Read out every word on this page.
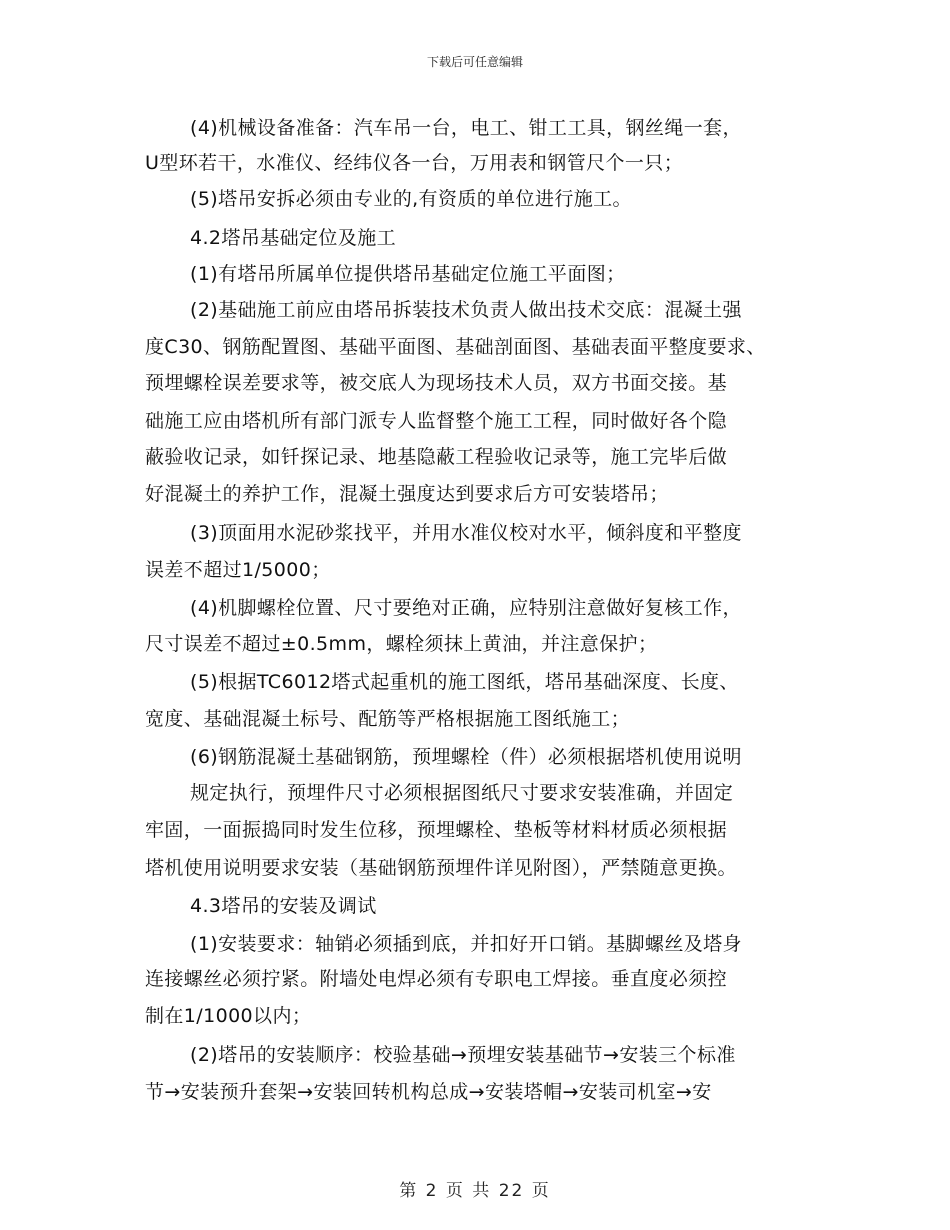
下载后可任意编辑
(4)机械设备准备：汽车吊一台，电工、钳工工具，钢丝绳一套，
U型环若干，水准仪、经纬仪各一台，万用表和钢管尺个一只；
(5)塔吊安拆必须由专业的,有资质的单位进行施工。
4.2塔吊基础定位及施工
(1)有塔吊所属单位提供塔吊基础定位施工平面图；
(2)基础施工前应由塔吊拆装技术负责人做出技术交底：混凝土强
度C30、钢筋配置图、基础平面图、基础剖面图、基础表面平整度要求、
预埋螺栓误差要求等，被交底人为现场技术人员，双方书面交接。基
础施工应由塔机所有部门派专人监督整个施工工程，同时做好各个隐
蔽验收记录，如钎探记录、地基隐蔽工程验收记录等，施工完毕后做
好混凝土的养护工作，混凝土强度达到要求后方可安装塔吊；
(3)顶面用水泥砂浆找平，并用水准仪校对水平，倾斜度和平整度
误差不超过1/5000；
(4)机脚螺栓位置、尺寸要绝对正确，应特别注意做好复核工作，
尺寸误差不超过±0.5mm，螺栓须抹上黄油，并注意保护；
(5)根据TC6012塔式起重机的施工图纸，塔吊基础深度、长度、
宽度、基础混凝土标号、配筋等严格根据施工图纸施工；
(6)钢筋混凝土基础钢筋，预埋螺栓（件）必须根据塔机使用说明
规定执行，预埋件尺寸必须根据图纸尺寸要求安装准确，并固定
牢固，一面振捣同时发生位移，预埋螺栓、垫板等材料材质必须根据
塔机使用说明要求安装（基础钢筋预埋件详见附图），严禁随意更换。
4.3塔吊的安装及调试
(1)安装要求：轴销必须插到底，并扣好开口销。基脚螺丝及塔身
连接螺丝必须拧紧。附墙处电焊必须有专职电工焊接。垂直度必须控
制在1/1000以内；
(2)塔吊的安装顺序：校验基础→预埋安装基础节→安装三个标准
节→安装预升套架→安装回转机构总成→安装塔帽→安装司机室→安
第 2 页 共 22 页
